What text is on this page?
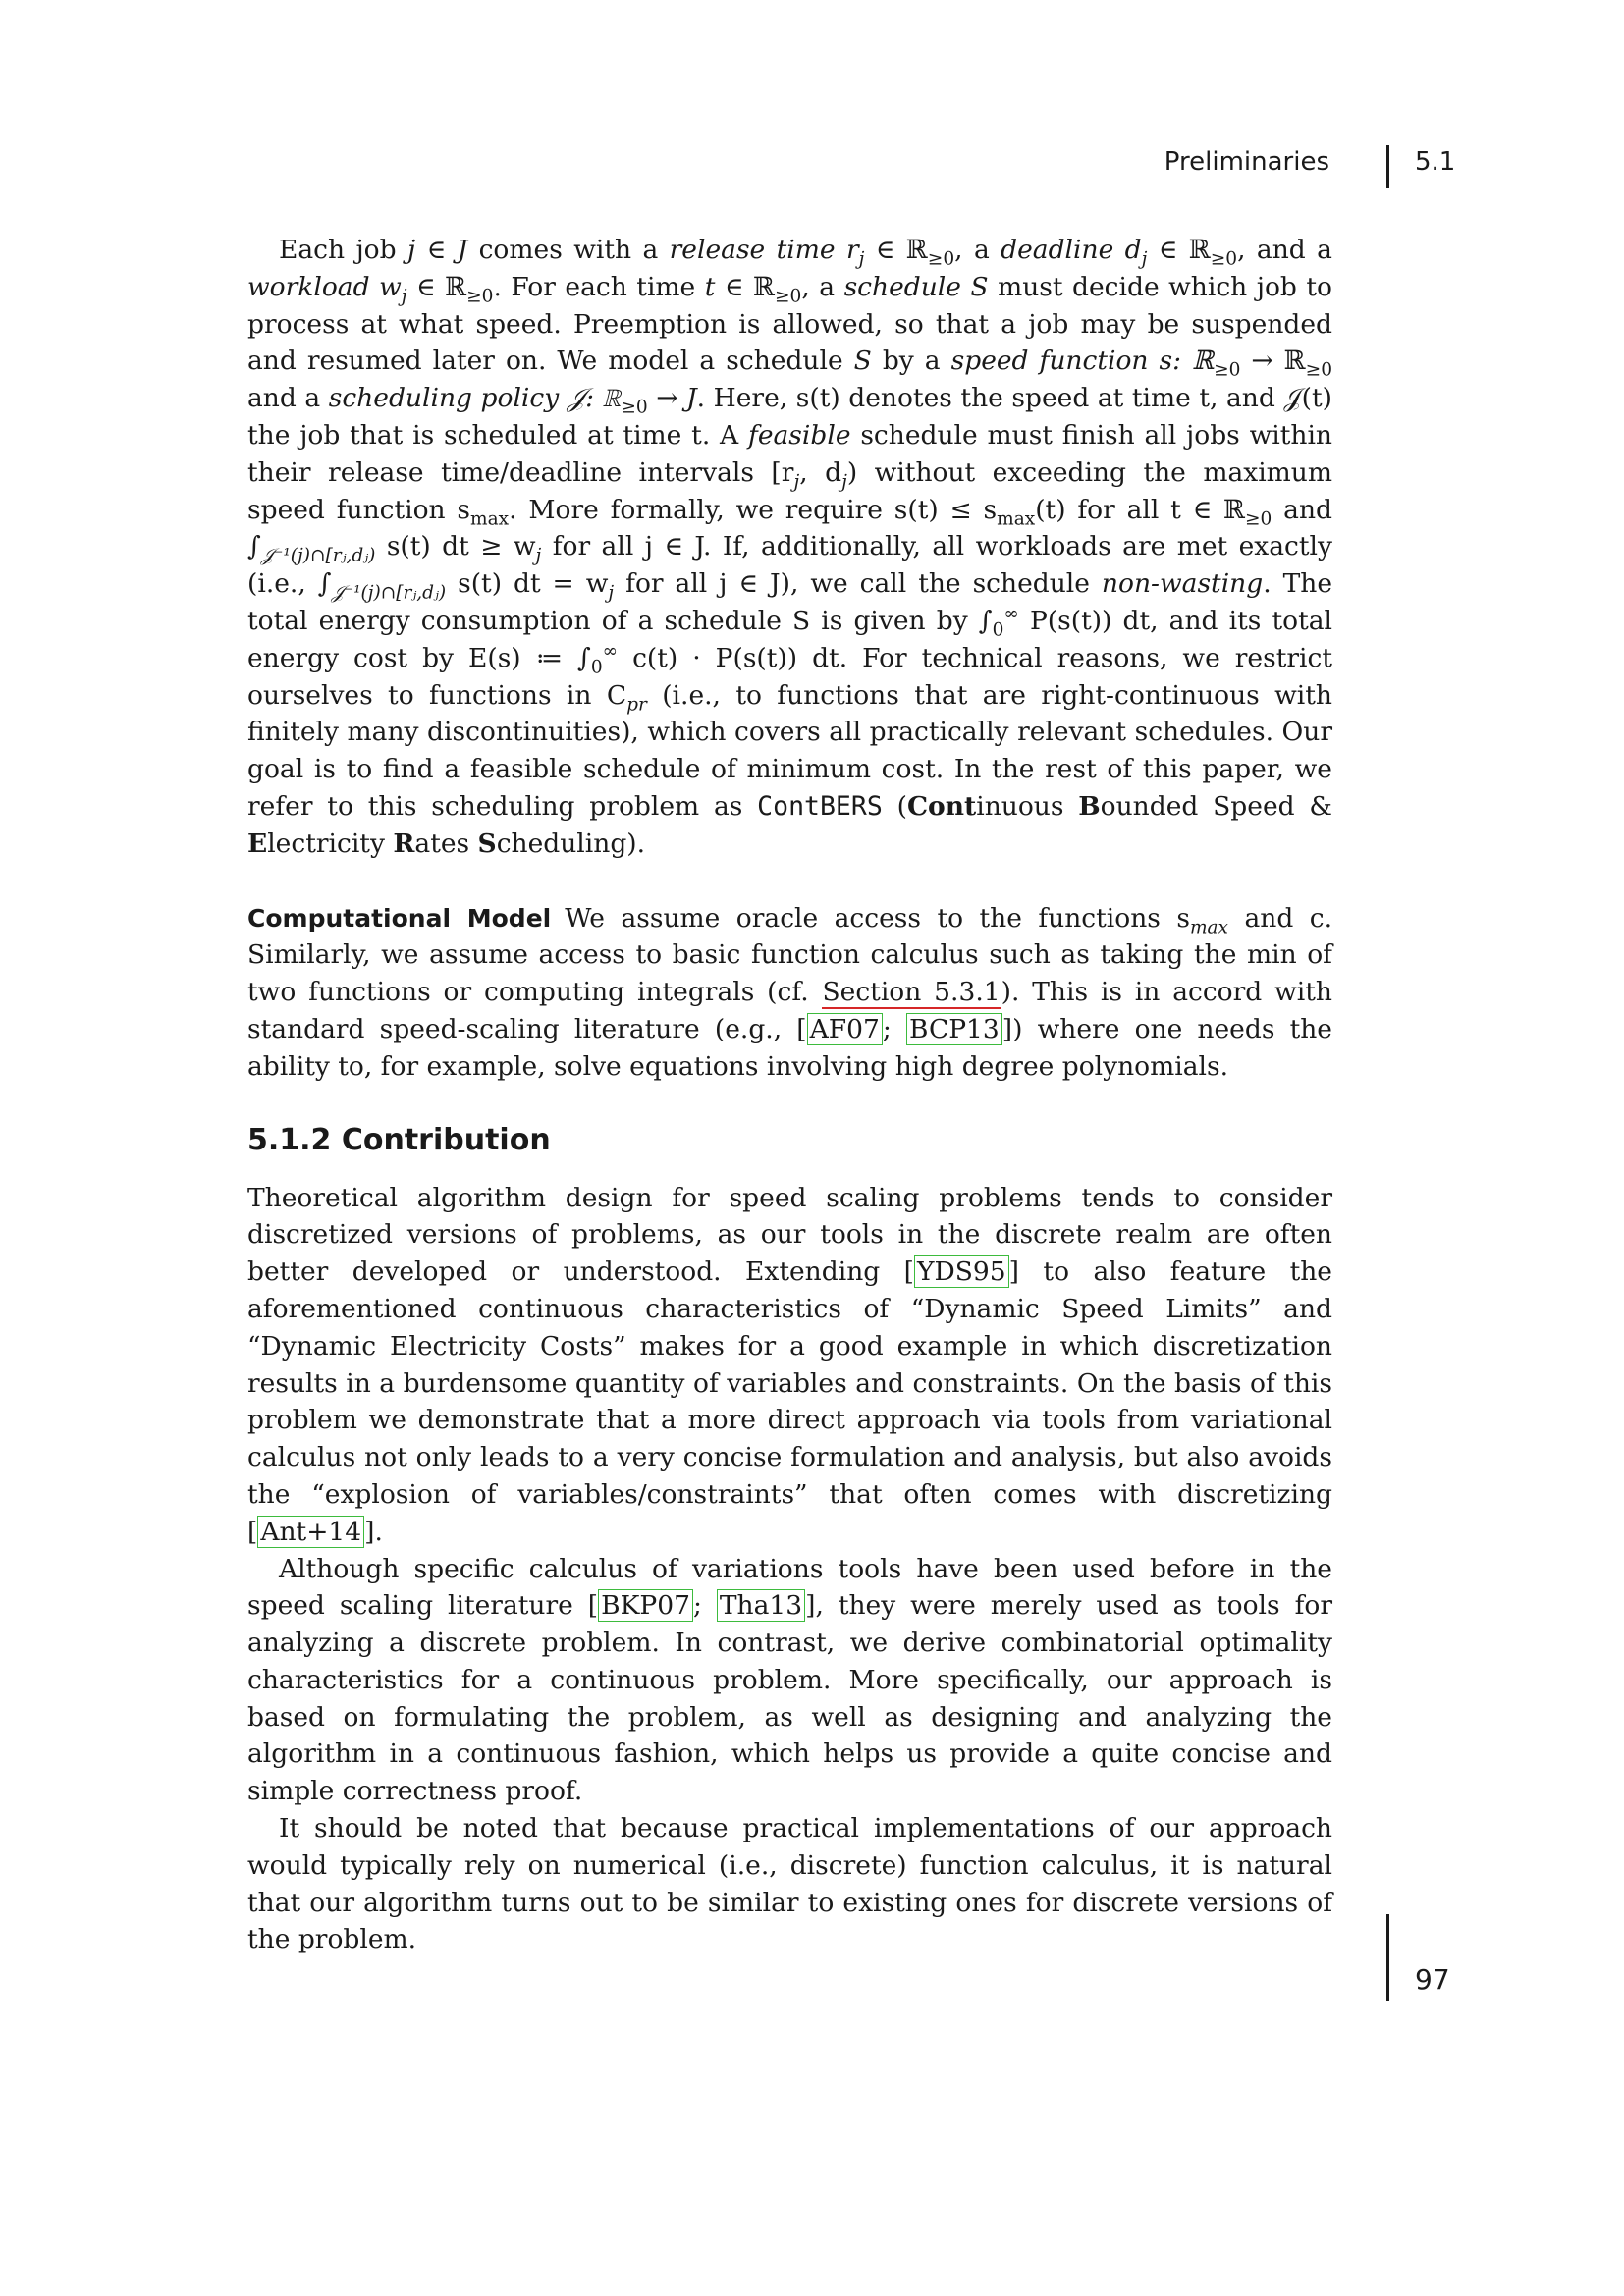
Preliminaries	5.1

Each job j ∈ J comes with a release time $r_j$ ∈ ℝ$_{\ge 0}$, a deadline $d_j$ ∈ ℝ$_{\ge 0}$, and a workload $w_j$ ∈ ℝ$_{\ge 0}$. For each time t ∈ ℝ$_{\ge 0}$, a schedule S must decide which job to process at what speed. Preemption is allowed, so that a job may be suspended and resumed later on. We model a schedule S by a speed function s: ℝ$_{\ge 0}$ → ℝ$_{\ge 0}$ and a scheduling policy 𝒥: ℝ$_{\ge 0}$ → J. Here, s(t) denotes the speed at time t, and 𝒥(t) the job that is scheduled at time t. A feasible schedule must finish all jobs within their release time/deadline intervals [$r_j$, $d_j$) without exceeding the maximum speed function $s_{max}$. More formally, we require $s(t) \le s_{max}(t)$ for all t ∈ ℝ$_{\ge 0}$ and $\int_{𝒥^{-1}(j)\cap[rⱼ,dⱼ)}$ s(t) dt ≥ $w_j$ for all j ∈ J. If, additionally, all workloads are met exactly (i.e., $\int_{𝒥^{-1}(j)\cap[rⱼ,dⱼ)}$ s(t) dt = $w_j$ for all j ∈ J), we call the schedule non-wasting. The total energy consumption of a schedule S is given by $\int_0^\infty$ P(s(t)) dt, and its total energy cost by E(s) ≔ $\int_0^\infty$ c(t) · P(s(t)) dt. For technical reasons, we restrict ourselves to functions in $C_{pr}$ (i.e., to functions that are right-continuous with finitely many discontinuities), which covers all practically relevant schedules. Our goal is to find a feasible schedule of minimum cost. In the rest of this paper, we refer to this scheduling problem as ContBERS (Continuous Bounded Speed & Electricity Rates Scheduling).

Computational Model We assume oracle access to the functions $s_{max}$ and c. Similarly, we assume access to basic function calculus such as taking the min of two functions or computing integrals (cf. Section 5.3.1). This is in accord with standard speed-scaling literature (e.g., [ AF07 ; BCP13 ]) where one needs the ability to, for example, solve equations involving high degree polynomials.

5.1.2 Contribution

Theoretical algorithm design for speed scaling problems tends to consider discretized versions of problems, as our tools in the discrete realm are often better developed or understood. Extending [ YDS95 ] to also feature the aforementioned continuous characteristics of “Dynamic Speed Limits” and “Dynamic Electricity Costs” makes for a good example in which discretization results in a burdensome quantity of variables and constraints. On the basis of this problem we demonstrate that a more direct approach via tools from variational calculus not only leads to a very concise formulation and analysis, but also avoids the “explosion of variables/constraints” that often comes with discretizing [ Ant+14 ].

Although specific calculus of variations tools have been used before in the speed scaling literature [ BKP07 ; Tha13 ], they were merely used as tools for analyzing a discrete problem. In contrast, we derive combinatorial optimality characteristics for a continuous problem. More specifically, our approach is based on formulating the problem, as well as designing and analyzing the algorithm in a continuous fashion, which helps us provide a quite concise and simple correctness proof.

It should be noted that because practical implementations of our approach would typically rely on numerical (i.e., discrete) function calculus, it is natural that our algorithm turns out to be similar to existing ones for discrete versions of the problem.

97
